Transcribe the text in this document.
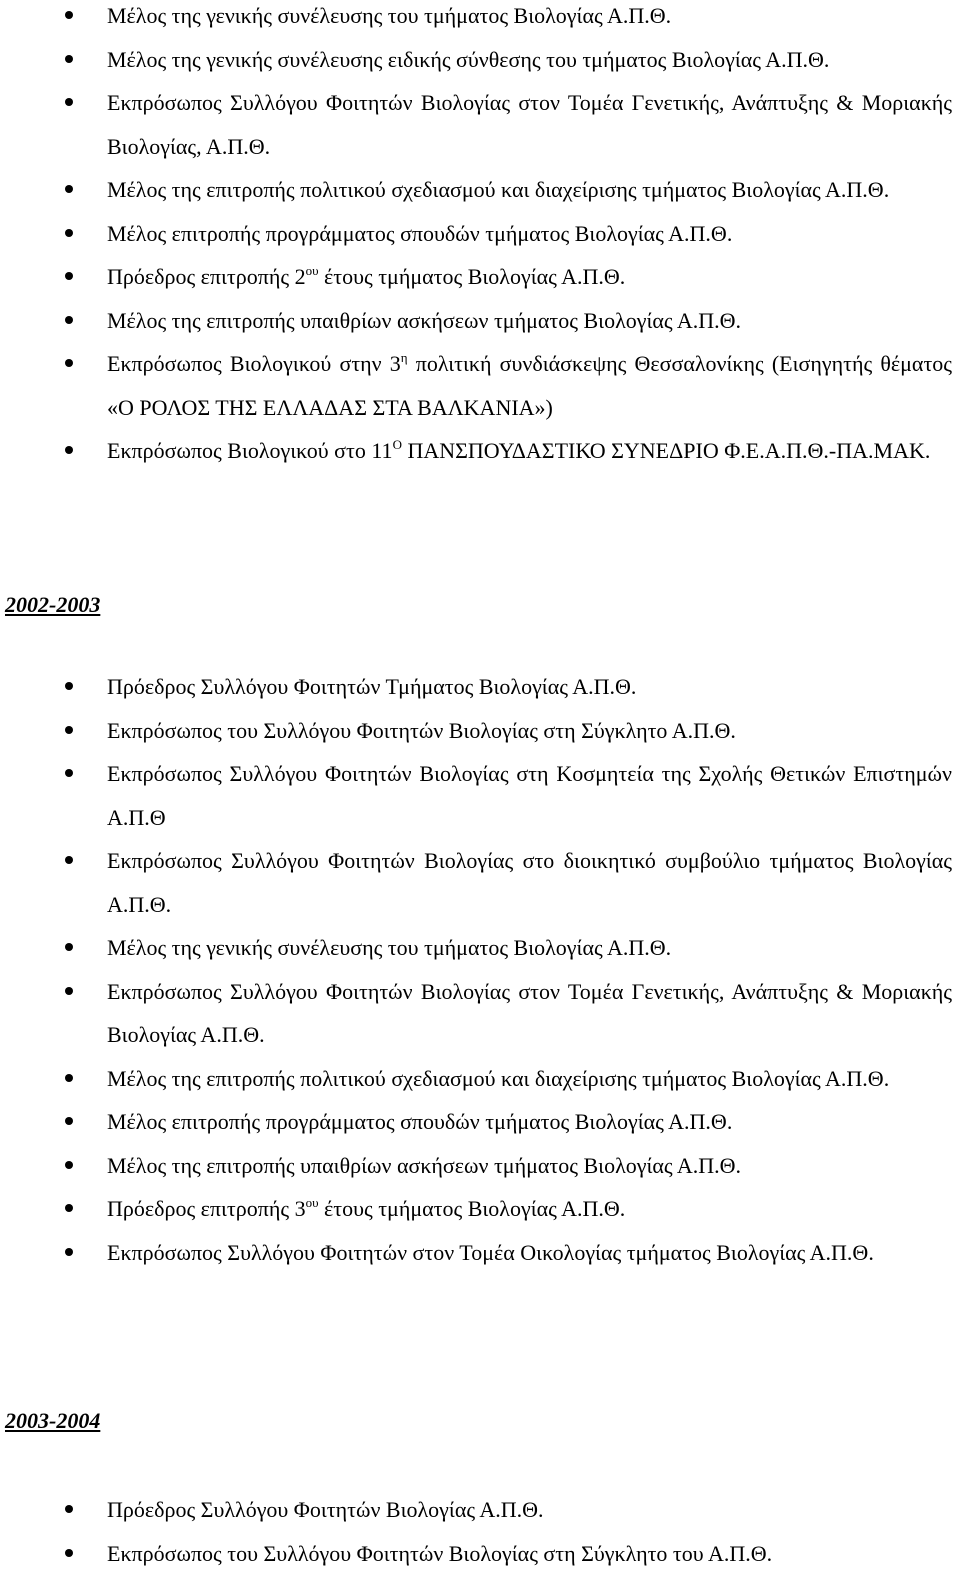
Μέλος της γενικής συνέλευσης του τμήματος Βιολογίας Α.Π.Θ.
Μέλος της γενικής συνέλευσης ειδικής σύνθεσης του τμήματος Βιολογίας Α.Π.Θ.
Εκπρόσωπος Συλλόγου Φοιτητών Βιολογίας στον Τομέα Γενετικής, Ανάπτυξης & Μοριακής Βιολογίας, Α.Π.Θ.
Μέλος της επιτροπής πολιτικού σχεδιασμού και διαχείρισης τμήματος Βιολογίας Α.Π.Θ.
Μέλος επιτροπής προγράμματος σπουδών τμήματος Βιολογίας Α.Π.Θ.
Πρόεδρος επιτροπής $2^{o\upsilon}$ έτους τμήματος Βιολογίας Α.Π.Θ.
Μέλος της επιτροπής υπαιθρίων ασκήσεων τμήματος Βιολογίας Α.Π.Θ.
Εκπρόσωπος Βιολογικού στην $3^\eta$ πολιτική συνδιάσκεψης Θεσσαλονίκης (Εισηγητής θέματος «Ο ΡΟΛΟΣ ΤΗΣ ΕΛΛΑΔΑΣ ΣΤΑ ΒΑΛΚΑΝΙΑ»)
Εκπρόσωπος Βιολογικού στο $11^O$ ΠΑΝΣΠΟΥΔΑΣΤΙΚΟ ΣΥΝΕΔΡΙΟ Φ.Ε.Α.Π.Θ.-ΠΑ.ΜΑΚ.
2002-2003
Πρόεδρος Συλλόγου Φοιτητών Τμήματος Βιολογίας Α.Π.Θ.
Εκπρόσωπος του Συλλόγου Φοιτητών Βιολογίας στη Σύγκλητο Α.Π.Θ.
Εκπρόσωπος Συλλόγου Φοιτητών Βιολογίας στη Κοσμητεία της Σχολής Θετικών Επιστημών Α.Π.Θ
Εκπρόσωπος Συλλόγου Φοιτητών Βιολογίας στο διοικητικό συμβούλιο τμήματος Βιολογίας Α.Π.Θ.
Μέλος της γενικής συνέλευσης του τμήματος Βιολογίας Α.Π.Θ.
Εκπρόσωπος Συλλόγου Φοιτητών Βιολογίας στον Τομέα Γενετικής, Ανάπτυξης & Μοριακής Βιολογίας Α.Π.Θ.
Μέλος της επιτροπής πολιτικού σχεδιασμού και διαχείρισης τμήματος Βιολογίας Α.Π.Θ.
Μέλος επιτροπής προγράμματος σπουδών τμήματος Βιολογίας Α.Π.Θ.
Μέλος της επιτροπής υπαιθρίων ασκήσεων τμήματος Βιολογίας Α.Π.Θ.
Πρόεδρος επιτροπής $3^{o\upsilon}$ έτους τμήματος Βιολογίας Α.Π.Θ.
Εκπρόσωπος Συλλόγου Φοιτητών στον Τομέα Οικολογίας τμήματος Βιολογίας Α.Π.Θ.
2003-2004
Πρόεδρος Συλλόγου Φοιτητών Βιολογίας Α.Π.Θ.
Εκπρόσωπος του Συλλόγου Φοιτητών Βιολογίας στη Σύγκλητο του Α.Π.Θ.
